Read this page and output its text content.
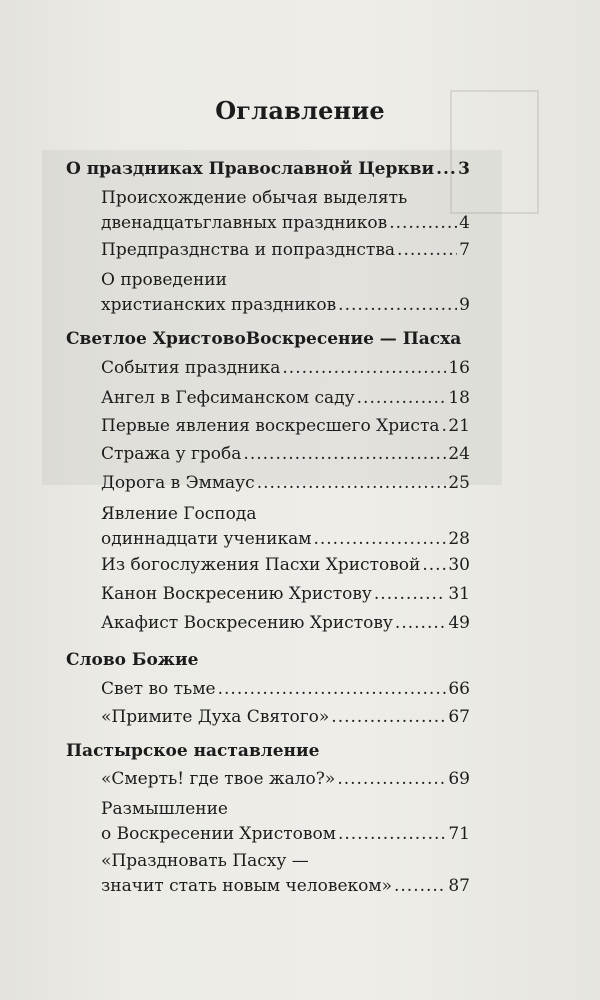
Оглавление
О праздниках Православной Церкви ..... 3
Происхождение обычая выделять
двенадцатьглавных праздников .....	4
Предпразднства и попразднства .....	7
О проведении
христианских праздников .....	9
Светлое ХристовоВоскресение — Пасха
События праздника .....	16
Ангел в Гефсиманском саду .....	18
Первые явления воскресшего Христа ..... 21
Стража у гроба .....	24
Дорога в Эммаус .....	25
Явление Господа
одиннадцати ученикам .....	28
Из богослужения Пасхи Христовой ..... 30
Канон Воскресению Христову .....	31
Акафист Воскресению Христову .....	49
Слово Божие
Свет во тьме .....	66
«Примите Духа Святого» .....	67
Пастырское наставление
«Смерть! где твое жало?» .....	69
Размышление
о Воскресении Христовом .....	71
«Праздновать Пасху —
значит стать новым человеком» .....	87
